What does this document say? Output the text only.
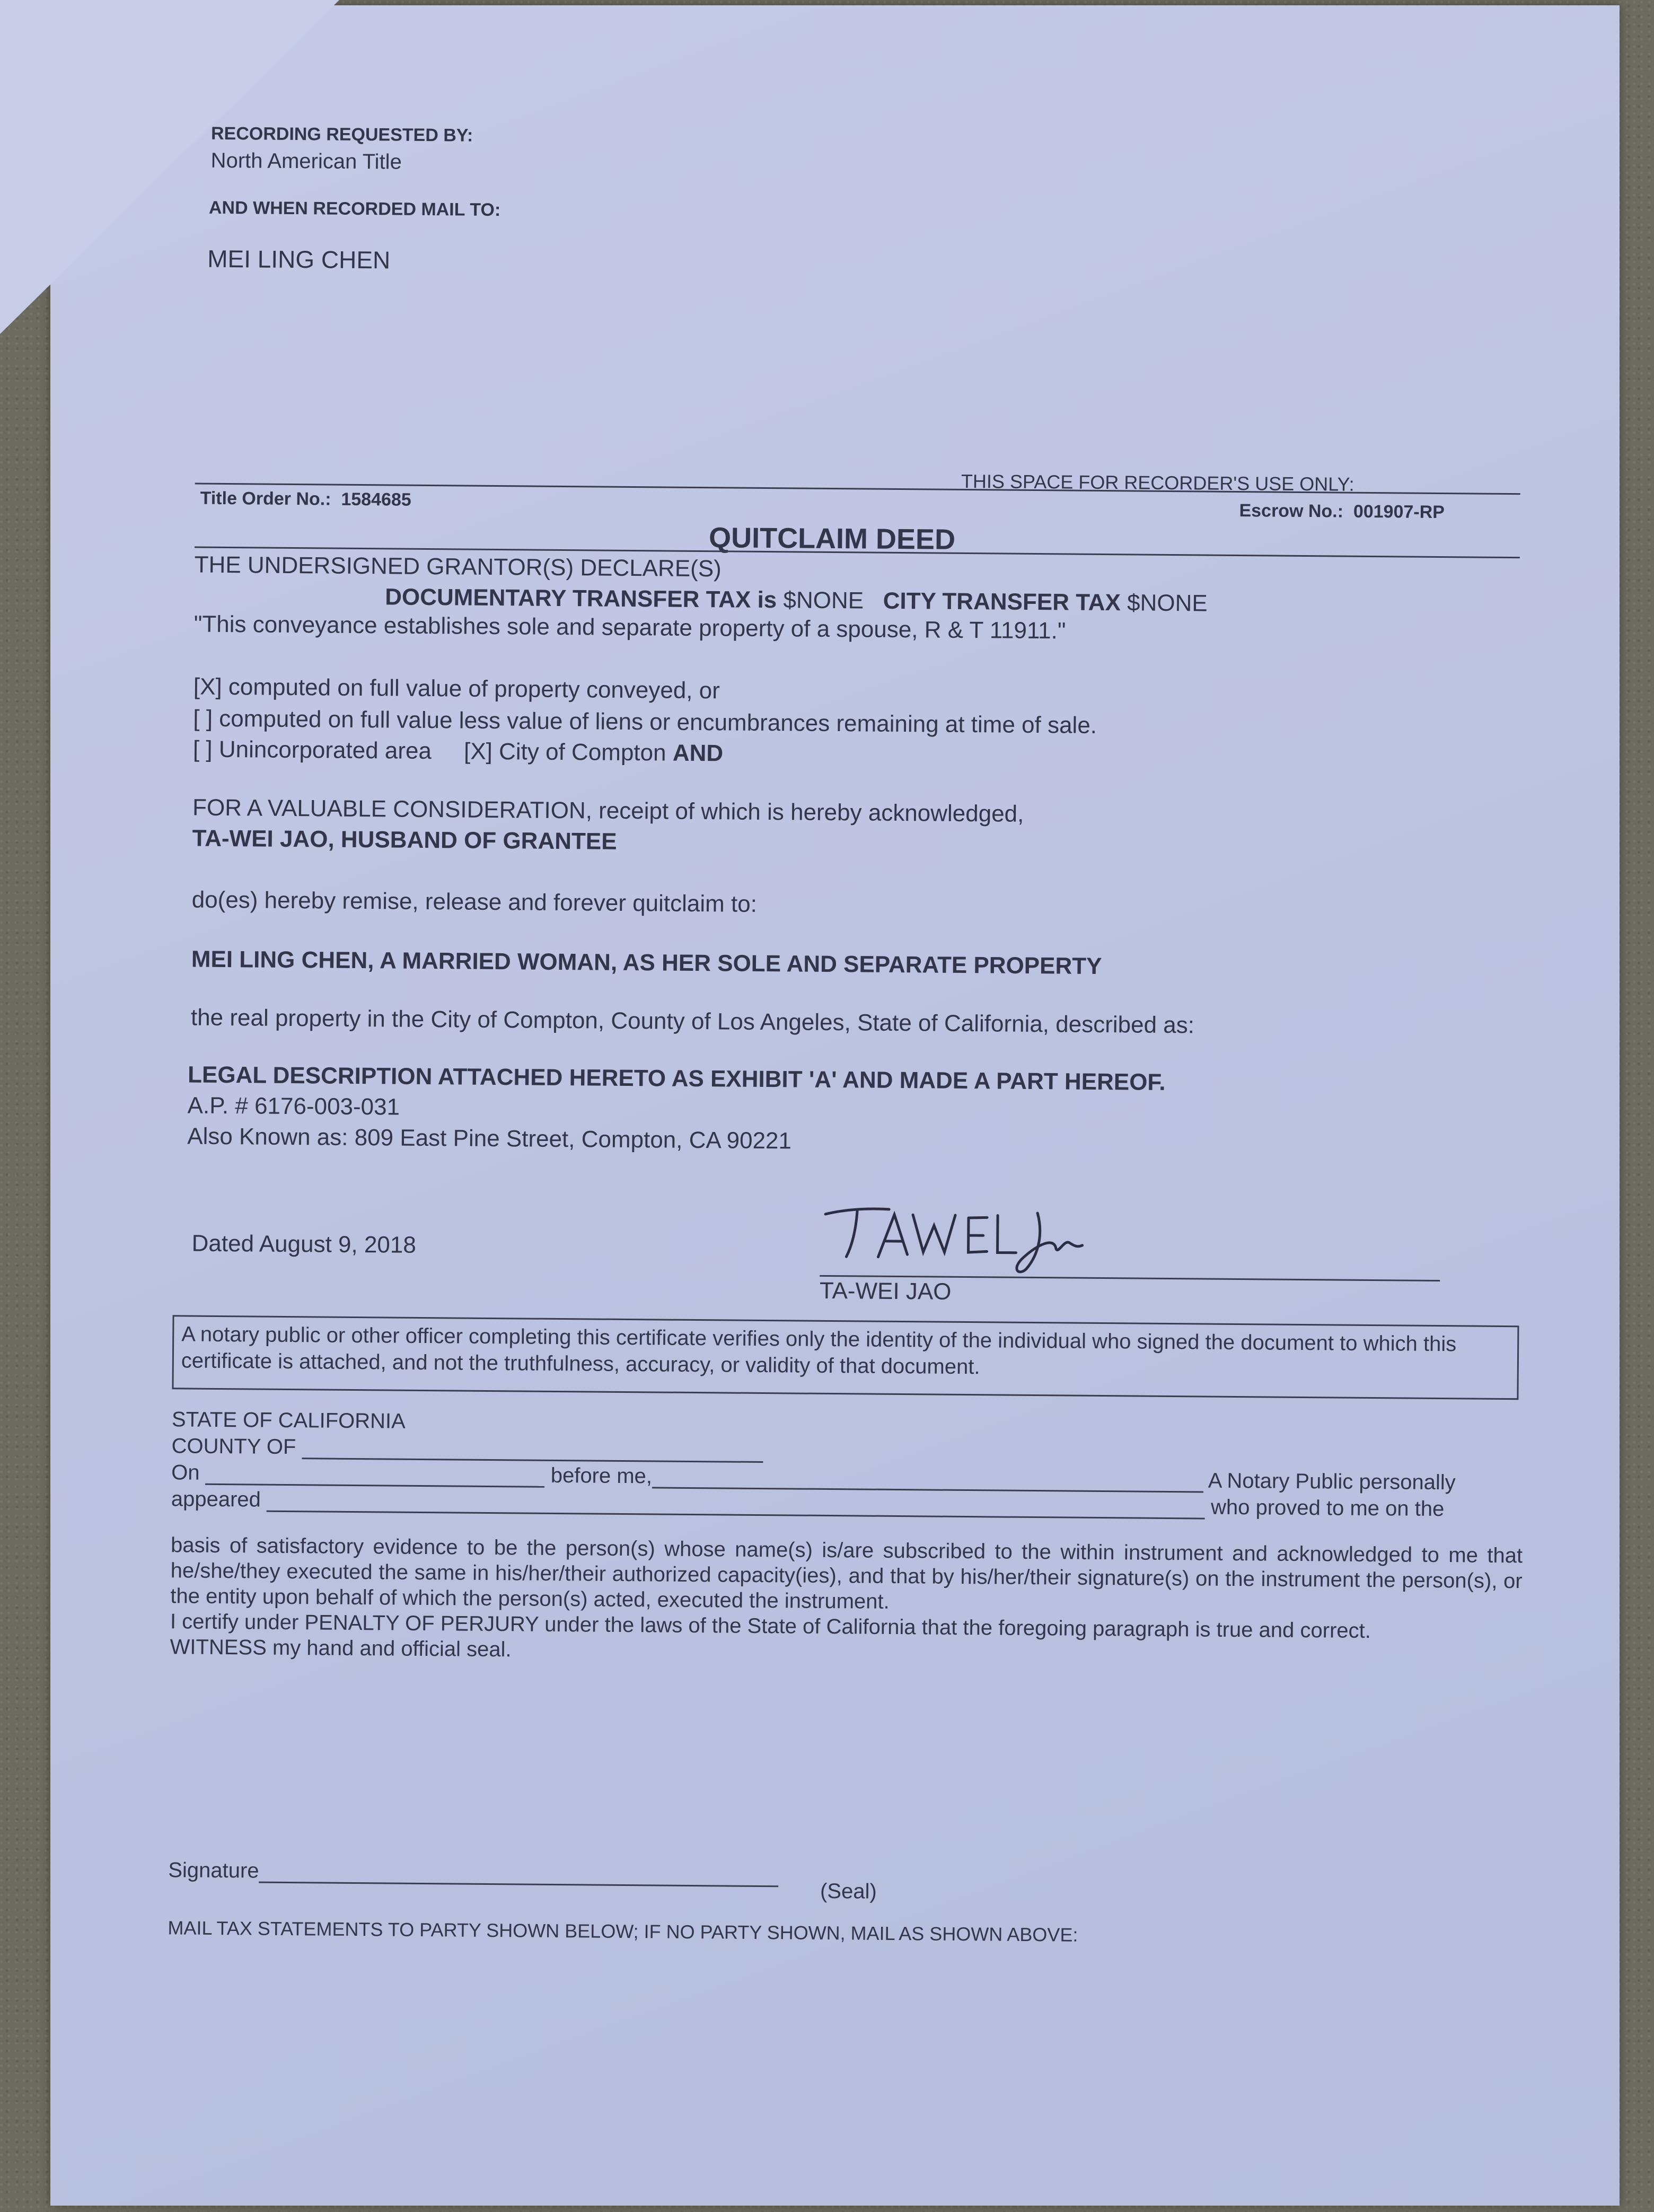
RECORDING REQUESTED BY:
North American Title
AND WHEN RECORDED MAIL TO:
MEI LING CHEN
THIS SPACE FOR RECORDER'S USE ONLY:
Title Order No.: 1584685
Escrow No.: 001907-RP
QUITCLAIM DEED
THE UNDERSIGNED GRANTOR(S) DECLARE(S)
DOCUMENTARY TRANSFER TAX is $NONE CITY TRANSFER TAX $NONE
"This conveyance establishes sole and separate property of a spouse, R & T 11911."
[X] computed on full value of property conveyed, or
[ ] computed on full value less value of liens or encumbrances remaining at time of sale.
[ ] Unincorporated area [X] City of Compton AND
FOR A VALUABLE CONSIDERATION, receipt of which is hereby acknowledged,
TA-WEI JAO, HUSBAND OF GRANTEE
do(es) hereby remise, release and forever quitclaim to:
MEI LING CHEN, A MARRIED WOMAN, AS HER SOLE AND SEPARATE PROPERTY
the real property in the City of Compton, County of Los Angeles, State of California, described as:
LEGAL DESCRIPTION ATTACHED HERETO AS EXHIBIT 'A' AND MADE A PART HEREOF.
A.P. # 6176-003-031
Also Known as: 809 East Pine Street, Compton, CA 90221
Dated August 9, 2018
TA-WEI JAO
A notary public or other officer completing this certificate verifies only the identity of the individual who signed the document to which this certificate is attached, and not the truthfulness, accuracy, or validity of that document.
STATE OF CALIFORNIA
COUNTY OF
On	before me,	A Notary Public personally
appeared	who proved to me on the
basis of satisfactory evidence to be the person(s) whose name(s) is/are subscribed to the within instrument and acknowledged to me that he/she/they executed the same in his/her/their authorized capacity(ies), and that by his/her/their signature(s) on the instrument the person(s), or the entity upon behalf of which the person(s) acted, executed the instrument.
I certify under PENALTY OF PERJURY under the laws of the State of California that the foregoing paragraph is true and correct.
WITNESS my hand and official seal.
Signature
(Seal)
MAIL TAX STATEMENTS TO PARTY SHOWN BELOW; IF NO PARTY SHOWN, MAIL AS SHOWN ABOVE:
